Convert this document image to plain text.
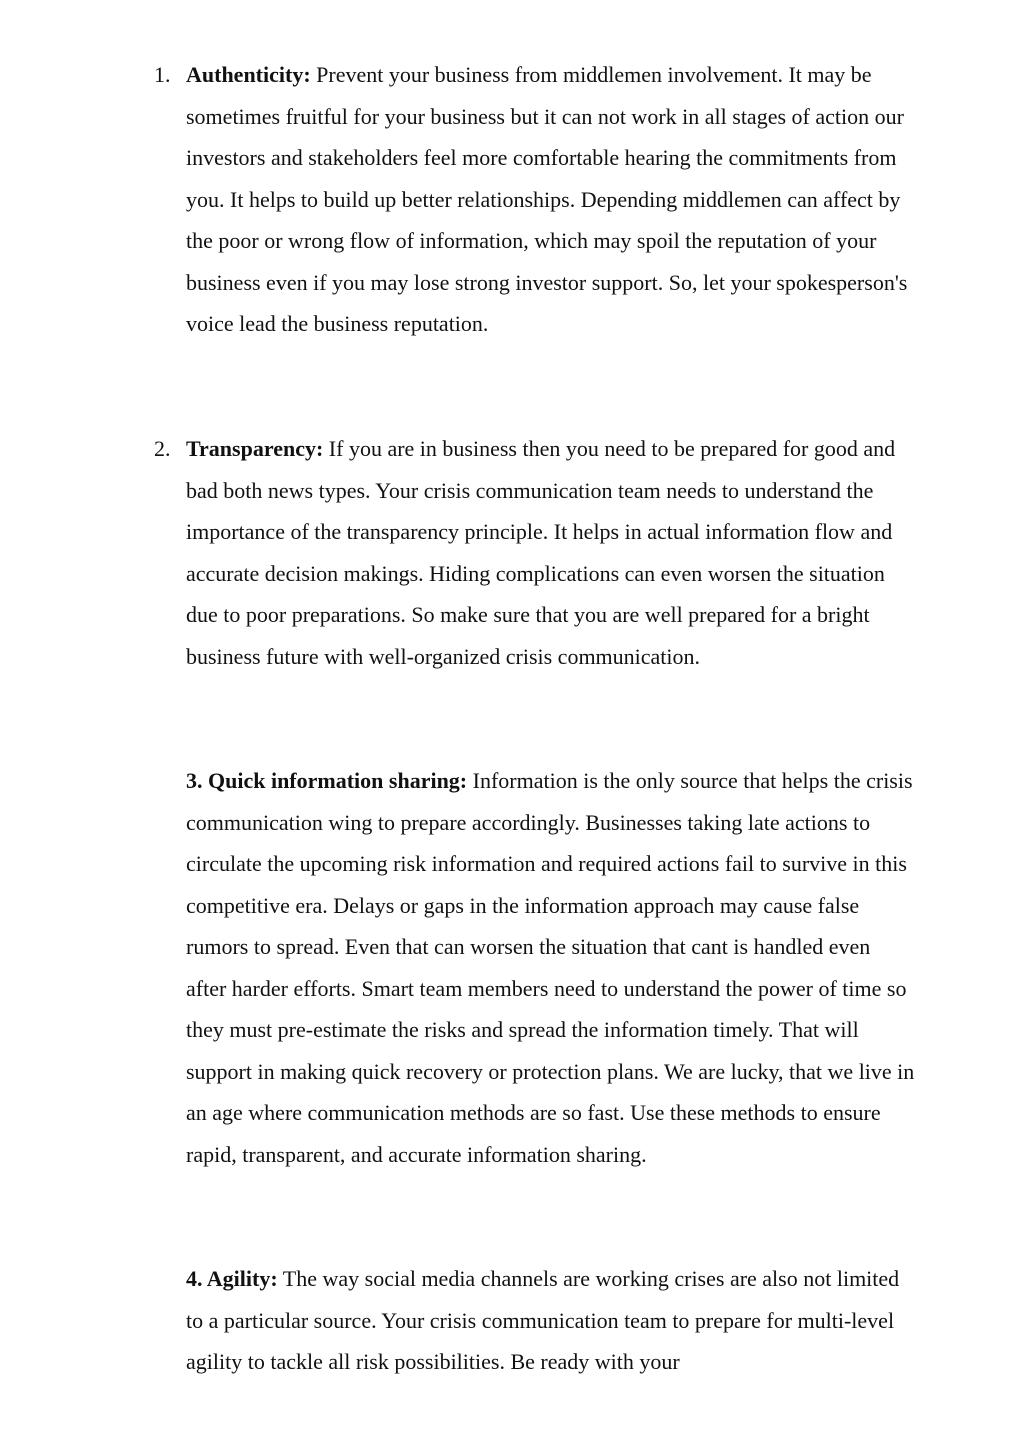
1. Authenticity: Prevent your business from middlemen involvement. It may be sometimes fruitful for your business but it can not work in all stages of action our investors and stakeholders feel more comfortable hearing the commitments from you. It helps to build up better relationships. Depending middlemen can affect by the poor or wrong flow of information, which may spoil the reputation of your business even if you may lose strong investor support. So, let your spokesperson's voice lead the business reputation.

2. Transparency: If you are in business then you need to be prepared for good and bad both news types. Your crisis communication team needs to understand the importance of the transparency principle. It helps in actual information flow and accurate decision makings. Hiding complications can even worsen the situation due to poor preparations. So make sure that you are well prepared for a bright business future with well-organized crisis communication.

3. Quick information sharing: Information is the only source that helps the crisis communication wing to prepare accordingly. Businesses taking late actions to circulate the upcoming risk information and required actions fail to survive in this competitive era. Delays or gaps in the information approach may cause false rumors to spread. Even that can worsen the situation that cant is handled even after harder efforts. Smart team members need to understand the power of time so they must pre-estimate the risks and spread the information timely. That will support in making quick recovery or protection plans. We are lucky, that we live in an age where communication methods are so fast. Use these methods to ensure rapid, transparent, and accurate information sharing.

4. Agility: The way social media channels are working crises are also not limited to a particular source. Your crisis communication team to prepare for multi-level agility to tackle all risk possibilities. Be ready with your
